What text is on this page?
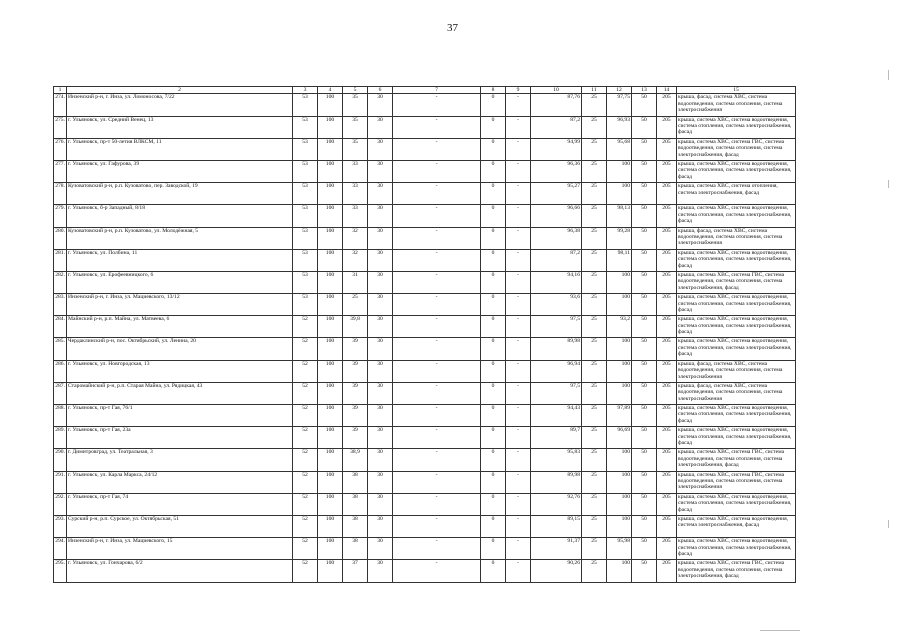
37
1	2	3	4	5	6	7	8	9	10	11	12	13	14	15
274.	Инзенский р-н, г. Инза, ул. Ломоносова, 7/22	53	100	35	30	-	0	-	87,76	25	97,75	50	205	крыша, фасад, система ХВС, система водоотведения, система отопления, система электроснабжения
275.	г. Ульяновск, ул. Средний Венец, 13	53	100	35	30	-	0	-	87,2	25	96,93	50	205	крыша, система ХВС, система водоотведения, система отопления, система электроснабжения, фасад
276.	г. Ульяновск, пр-т 50-летия ВЛКСМ, 11	53	100	35	30	-	0	-	94,99	25	95,68	50	205	крыша, система ХВС, система ГВС, система водоотведения, система отопления, система электроснабжения, фасад
277.	г. Ульяновск, ул. Гафурова, 39	53	100	33	30	-	0	-	96,36	25	100	50	205	крыша, система ХВС, система водоотведения, система отопления, система электроснабжения, фасад
278.	Кузоватовский р-н, р.п. Кузоватово, пер. Заводской, 19	53	100	33	30	-	0	-	95,27	25	100	50	205	крыша, система ХВС, система отопления, система электроснабжения, фасад
279.	г. Ульяновск, б-р Западный, 8/18	53	100	33	30	-	0	-	96,66	25	98,13	50	205	крыша, система ХВС, система водоотведения, система отопления, система электроснабжения, фасад
280.	Кузоватовский р-н, р.п. Кузоватово, ул. Молодёжная, 5	53	100	32	30	-	0	-	96,38	25	99,28	50	205	крыша, фасад, система ХВС, система водоотведения, система отопления, система электроснабжения
281.	г. Ульяновск, ул. Полбина, 11	53	100	32	30	-	0	-	87,2	25	98,11	50	205	крыша, система ХВС, система водоотведения, система отопления, система электроснабжения, фасад
282.	г. Ульяновск, ул. Ерофеевницкого, 6	53	100	31	30	-	0	-	94,16	25	100	50	205	крыша, система ХВС, система ГВС, система водоотведения, система отопления, система электроснабжения, фасад
283.	Инзенский р-н, г. Инза, ул. Мациевского, 13/12	53	100	25	30	-	0	-	93,6	25	100	50	205	крыша, система ХВС, система водоотведения, система отопления, система электроснабжения, фасад
284.	Майнский р-н, р.п. Майна, ул. Матвеева, 6	52	100	39,8	30	-	0	-	97,5	25	93,2	50	205	крыша, система ХВС, система водоотведения, система отопления, система электроснабжения, фасад
285.	Чердаклинский р-н, пос. Октябрьский, ул. Ленина, 20	52	100	39	30	-	0	-	89,98	25	100	50	205	крыша, система ХВС, система водоотведения, система отопления, система электроснабжения, фасад
286.	г. Ульяновск, ул. Новгородская, 13	52	100	39	30	-	0	-	96,94	25	100	50	205	крыша, фасад, система ХВС, система водоотведения, система отопления, система электроснабжения
287.	Старомайнский р-н, р.п. Старая Майна, ул. Рядицкая, 43	52	100	39	30	-	0	-	97,5	25	100	50	205	крыша, фасад, система ХВС, система водоотведения, система отопления, система электроснабжения
288.	г. Ульяновск, пр-т Гая, 76/1	52	100	39	30	-	0	-	94,43	25	97,89	50	205	крыша, система ХВС, система водоотведения, система отопления, система электроснабжения, фасад
289.	г. Ульяновск, пр-т Гая, 23а	52	100	39	30	-	0	-	89,7	25	96,69	50	205	крыша, система ХВС, система водоотведения, система отопления, система электроснабжения, фасад
290.	г. Димитровград, ул. Театральная, 3	52	100	38,9	30	-	0	-	95,83	25	100	50	205	крыша, система ХВС, система ГВС, система водоотведения, система отопления, система электроснабжения, фасад
291.	г. Ульяновск, ул. Карла Маркса, 24/12	52	100	38	30	-	0	-	89,98	25	100	50	205	крыша, система ХВС, система ГВС, система водоотведения, система отопления, система электроснабжения
292.	г. Ульяновск, пр-т Гая, 74	52	100	38	30	-	0	-	92,76	25	100	50	205	крыша, система ХВС, система водоотведения, система отопления, система электроснабжения, фасад
293.	Сурский р-н, р.п. Сурское, ул. Октябрьская, 51	52	100	38	30	-	0	-	89,15	25	100	50	205	крыша, система ХВС, система водоотведения, система электроснабжения, фасад
294.	Инзенский р-н, г. Инза, ул. Мациевского, 15	52	100	38	30	-	0	-	91,37	25	95,98	50	205	крыша, система ХВС, система водоотведения, система отопления, система электроснабжения, фасад
295.	г. Ульяновск, ул. Гончарова, 6/2	52	100	37	30	-	0	-	90,26	25	100	50	205	крыша, система ХВС, система ГВС, система водоотведения, система отопления, система электроснабжения, фасад
